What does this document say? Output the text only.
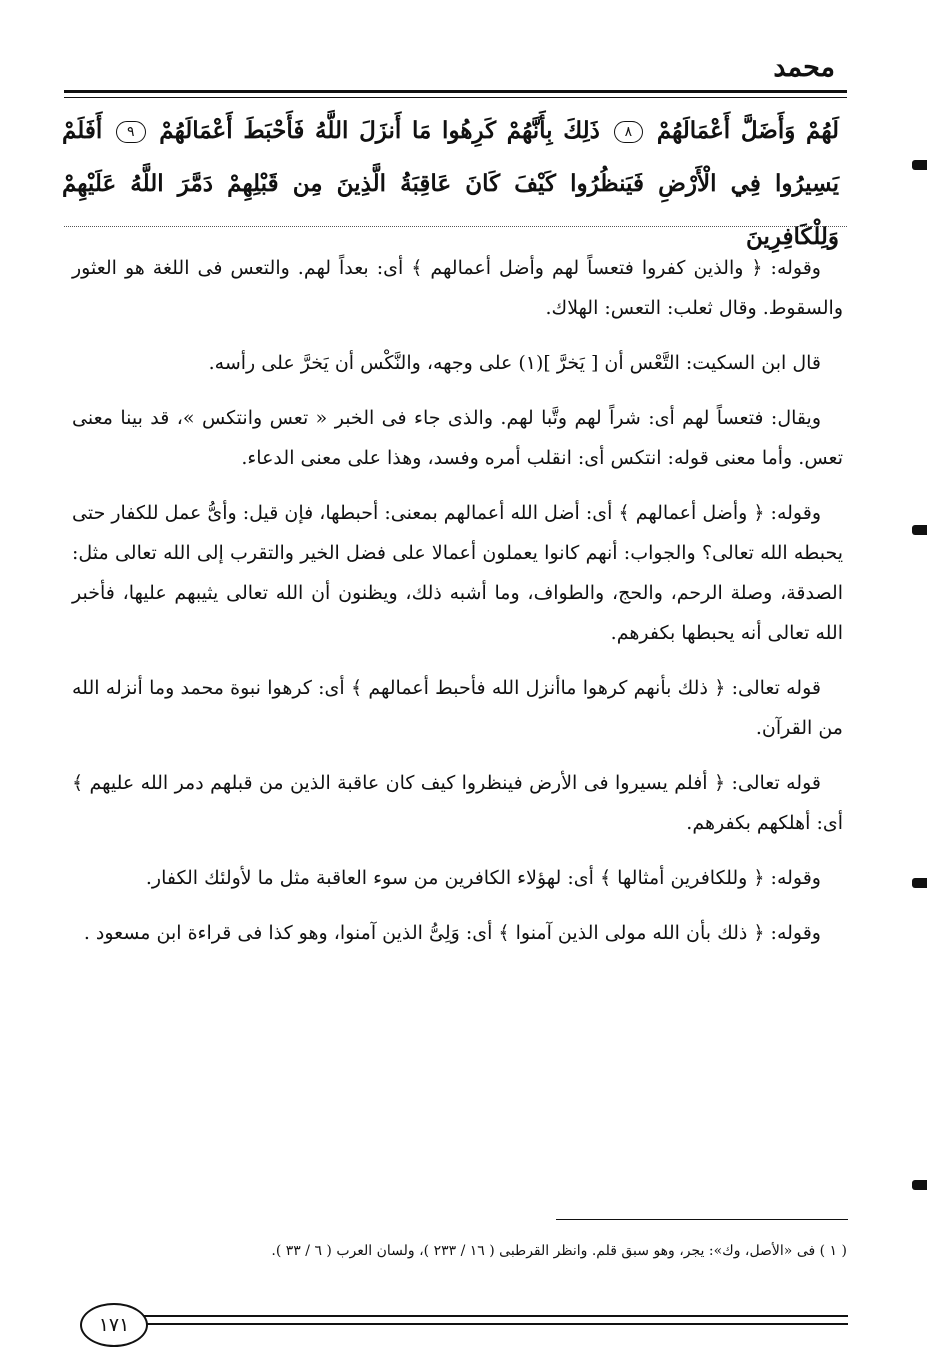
محمد
لَهُمْ وَأَضَلَّ أَعْمَالَهُمْ ٨ ذَلِكَ بِأَنَّهُمْ كَرِهُوا مَا أَنزَلَ اللَّهُ فَأَحْبَطَ أَعْمَالَهُمْ ٩ أَفَلَمْ يَسِيرُوا فِي الْأَرْضِ فَيَنظُرُوا كَيْفَ كَانَ عَاقِبَةُ الَّذِينَ مِن قَبْلِهِمْ دَمَّرَ اللَّهُ عَلَيْهِمْ وَلِلْكَافِرِينَ

وقوله: ﴿ والذين كفروا فتعساً لهم وأضل أعمالهم ﴾ أى: بعداً لهم. والتعس فى اللغة هو العثور والسقوط. وقال ثعلب: التعس: الهلاك.

قال ابن السكيت: التَّعْس أن [ يَخرَّ ](١) على وجهه، والنَّكْس أن يَخرَّ على رأسه.

ويقال: فتعساً لهم أى: شراً لهم وتَّبا لهم. والذى جاء فى الخبر « تعس وانتكس »، قد بينا معنى تعس. وأما معنى قوله: انتكس أى: انقلب أمره وفسد، وهذا على معنى الدعاء.

وقوله: ﴿ وأضل أعمالهم ﴾ أى: أضل الله أعمالهم بمعنى: أحبطها، فإن قيل: وأىُّ عمل للكفار حتى يحبطه الله تعالى؟ والجواب: أنهم كانوا يعملون أعمالا على فضل الخير والتقرب إلى الله تعالى مثل: الصدقة، وصلة الرحم، والحج، والطواف، وما أشبه ذلك، ويظنون أن الله تعالى يثيبهم عليها، فأخبر الله تعالى أنه يحبطها بكفرهم.

قوله تعالى: ﴿ ذلك بأنهم كرهوا ماأنزل الله فأحبط أعمالهم ﴾ أى: كرهوا نبوة محمد وما أنزله الله من القرآن.

قوله تعالى: ﴿ أفلم يسيروا فى الأرض فينظروا كيف كان عاقبة الذين من قبلهم دمر الله عليهم ﴾ أى: أهلكهم بكفرهم.

وقوله: ﴿ وللكافرين أمثالها ﴾ أى: لهؤلاء الكافرين من سوء العاقبة مثل ما لأولئك الكفار.

وقوله: ﴿ ذلك بأن الله مولى الذين آمنوا ﴾ أى: وَلِىُّ الذين آمنوا، وهو كذا فى قراءة ابن مسعود .

( ١ ) فى «الأصل، وك»: يجر، وهو سبق قلم. وانظر القرطبى ( ١٦ / ٢٣٣ )، ولسان العرب ( ٦ / ٣٣ ).
١٧١
